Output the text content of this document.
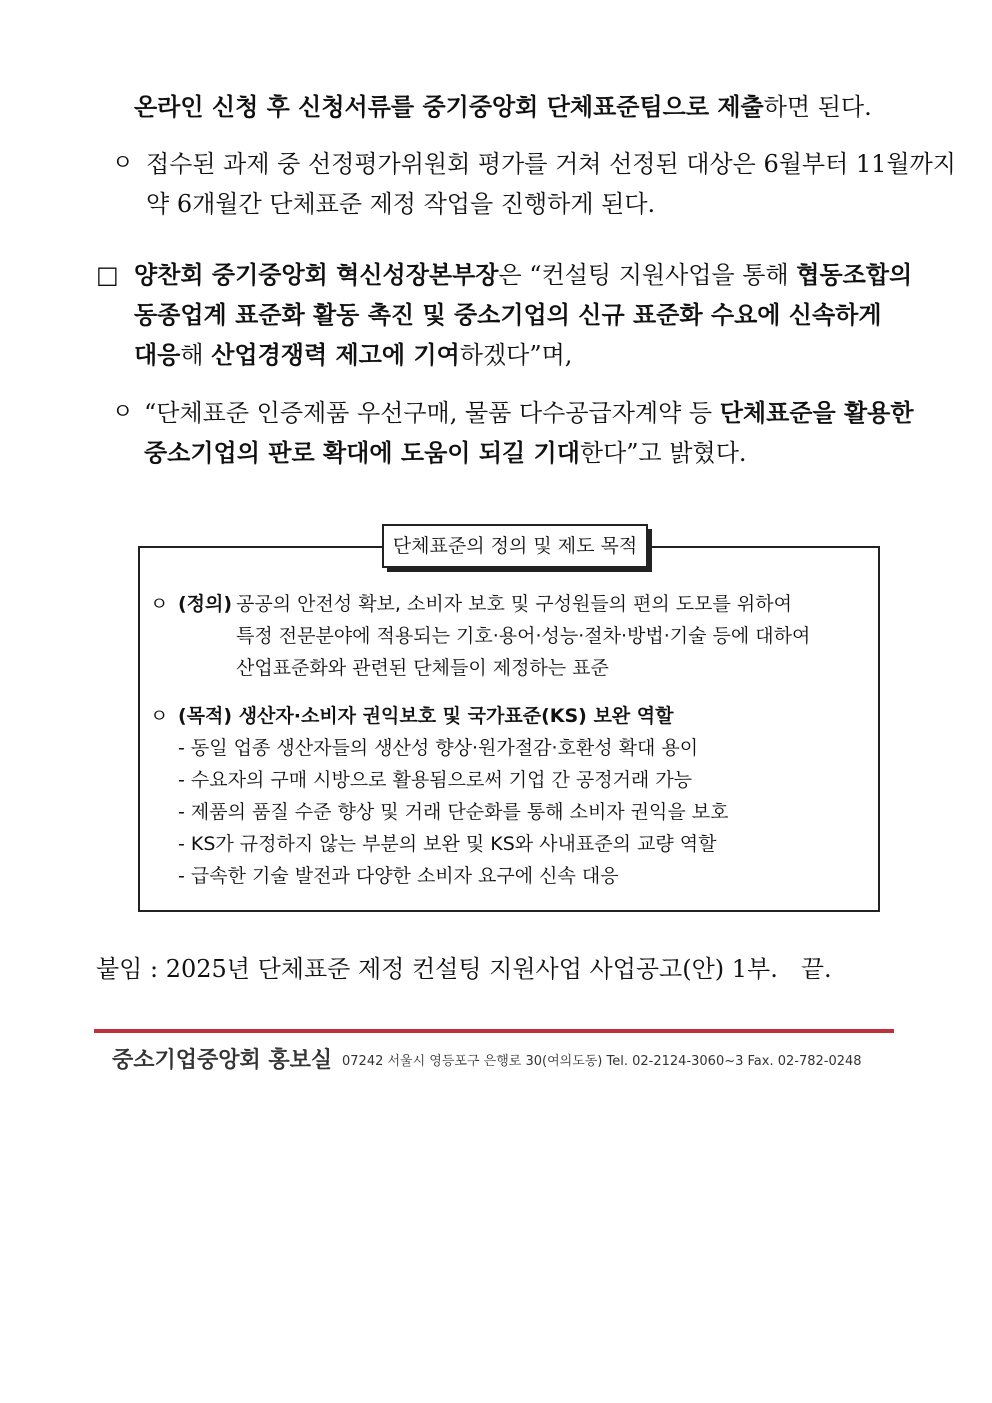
온라인 신청 후 신청서류를 중기중앙회 단체표준팀으로 제출하면 된다.
ㅇ 접수된 과제 중 선정평가위원회 평가를 거쳐 선정된 대상은 6월부터 11월까지
약 6개월간 단체표준 제정 작업을 진행하게 된다.
□ 양찬회 중기중앙회 혁신성장본부장은 “컨설팅 지원사업을 통해 협동조합의
동종업계 표준화 활동 촉진 및 중소기업의 신규 표준화 수요에 신속하게
대응해 산업경쟁력 제고에 기여하겠다”며,
ㅇ “단체표준 인증제품 우선구매, 물품 다수공급자계약 등 단체표준을 활용한
중소기업의 판로 확대에 도움이 되길 기대한다”고 밝혔다.
단체표준의 정의 및 제도 목적
ㅇ (정의) 공공의 안전성 확보, 소비자 보호 및 구성원들의 편의 도모를 위하여
특정 전문분야에 적용되는 기호·용어·성능·절차·방법·기술 등에 대하여
산업표준화와 관련된 단체들이 제정하는 표준
ㅇ (목적) 생산자·소비자 권익보호 및 국가표준(KS) 보완 역할
- 동일 업종 생산자들의 생산성 향상·원가절감·호환성 확대 용이
- 수요자의 구매 시방으로 활용됨으로써 기업 간 공정거래 가능
- 제품의 품질 수준 향상 및 거래 단순화를 통해 소비자 권익을 보호
- KS가 규정하지 않는 부분의 보완 및 KS와 사내표준의 교량 역할
- 급속한 기술 발전과 다양한 소비자 요구에 신속 대응
붙임 : 2025년 단체표준 제정 컨설팅 지원사업 사업공고(안) 1부.   끝.
중소기업중앙회 홍보실 07242 서울시 영등포구 은행로 30(여의도동) Tel. 02-2124-3060~3 Fax. 02-782-0248
